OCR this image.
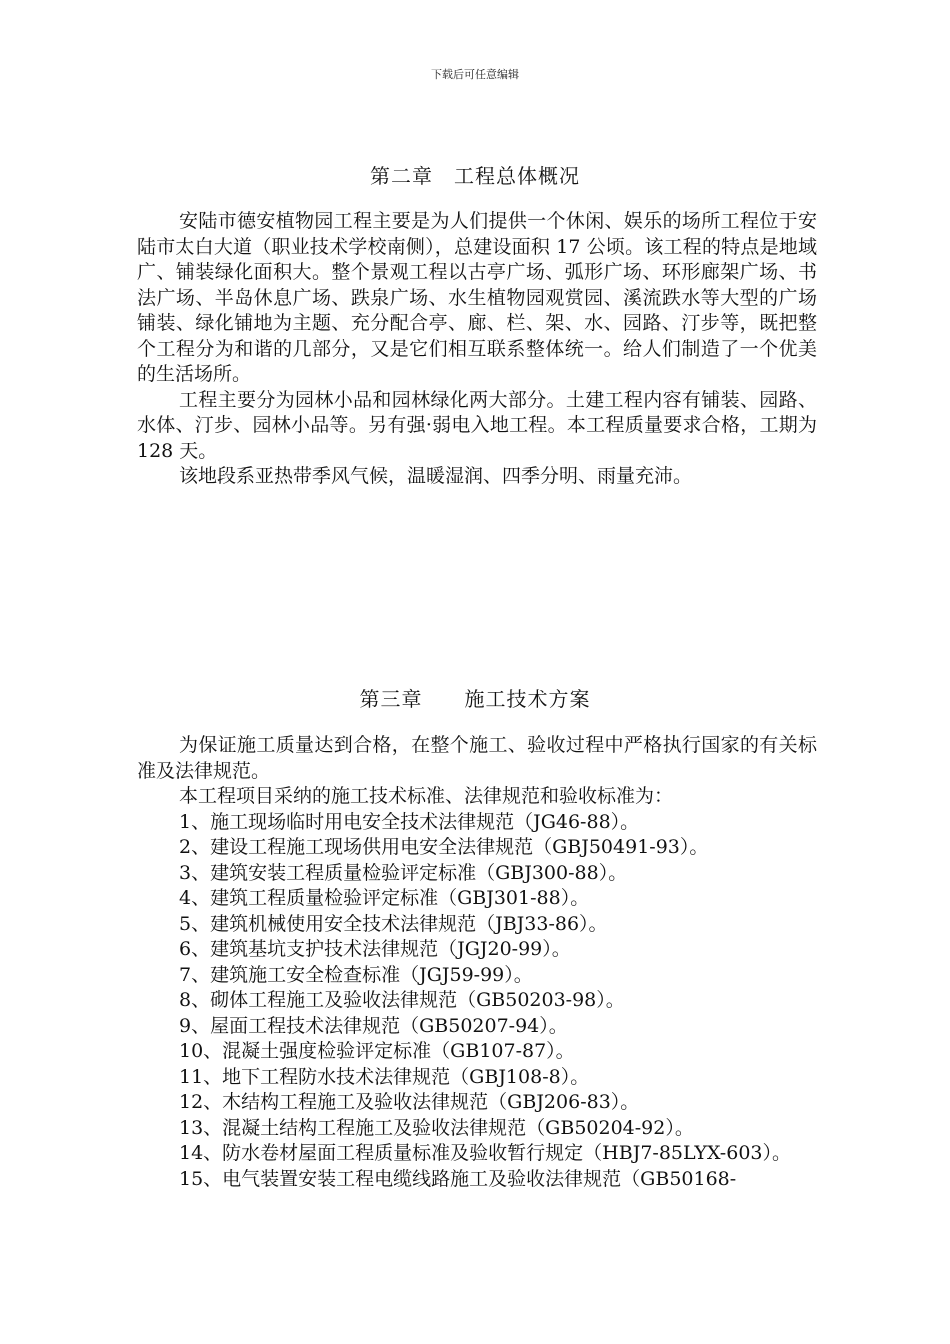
下载后可任意编辑
第二章　工程总体概况

安陆市德安植物园工程主要是为人们提供一个休闲、娱乐的场所工程位于安陆市太白大道（职业技术学校南侧），总建设面积 17 公顷。该工程的特点是地域广、铺装绿化面积大。整个景观工程以古亭广场、弧形广场、环形廊架广场、书法广场、半岛休息广场、跌泉广场、水生植物园观赏园、溪流跌水等大型的广场铺装、绿化铺地为主题、充分配合亭、廊、栏、架、水、园路、汀步等，既把整个工程分为和谐的几部分，又是它们相互联系整体统一。给人们制造了一个优美的生活场所。

工程主要分为园林小品和园林绿化两大部分。土建工程内容有铺装、园路、水体、汀步、园林小品等。另有强·弱电入地工程。本工程质量要求合格，工期为 128 天。

该地段系亚热带季风气候，温暖湿润、四季分明、雨量充沛。

第三章　　施工技术方案

为保证施工质量达到合格，在整个施工、验收过程中严格执行国家的有关标准及法律规范。

本工程项目采纳的施工技术标准、法律规范和验收标准为：

1、施工现场临时用电安全技术法律规范（JG46-88）。
2、建设工程施工现场供用电安全法律规范（GBJ50491-93）。
3、建筑安装工程质量检验评定标准（GBJ300-88）。
4、建筑工程质量检验评定标准（GBJ301-88）。
5、建筑机械使用安全技术法律规范（JBJ33-86）。
6、建筑基坑支护技术法律规范（JGJ20-99）。
7、建筑施工安全检查标准（JGJ59-99）。
8、砌体工程施工及验收法律规范（GB50203-98）。
9、屋面工程技术法律规范（GB50207-94）。
10、混凝土强度检验评定标准（GB107-87）。
11、地下工程防水技术法律规范（GBJ108-8）。
12、木结构工程施工及验收法律规范（GBJ206-83）。
13、混凝土结构工程施工及验收法律规范（GB50204-92）。
14、防水卷材屋面工程质量标准及验收暂行规定（HBJ7-85LYX-603）。
15、电气装置安装工程电缆线路施工及验收法律规范（GB50168-
